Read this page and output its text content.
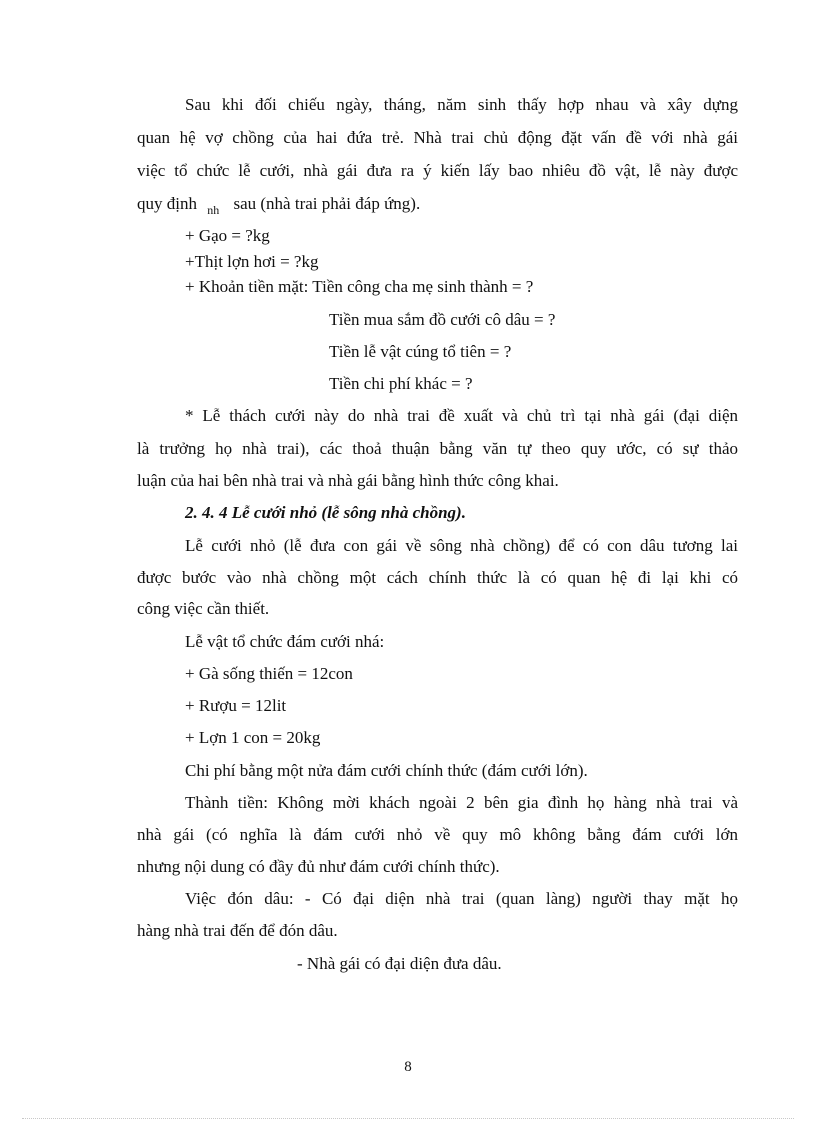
Sau khi đối chiếu ngày, tháng, năm sinh thấy hợp nhau và xây dựng
quan hệ vợ chồng của hai đứa trẻ. Nhà trai chủ động đặt vấn đề với nhà gái
việc tổ chức lễ cưới, nhà gái đưa ra ý kiến lấy bao nhiêu đồ vật, lễ này được
quy định $_{nh}$ sau (nhà trai phải đáp ứng).
+ Gạo = ?kg
+Thịt lợn hơi = ?kg
+ Khoản tiền mặt: Tiền công cha mẹ sinh thành = ?
Tiền mua sắm đồ cưới cô dâu = ?
Tiền lễ vật cúng tổ tiên = ?
Tiền chi phí khác = ?
* Lễ thách cưới này do nhà trai đề xuất và chủ trì tại nhà gái (đại diện
là trưởng họ nhà trai), các thoả thuận bằng văn tự theo quy ước, có sự thảo
luận của hai bên nhà trai và nhà gái bằng hình thức công khai.
2. 4. 4 Lễ cưới nhỏ (lễ sông nhà chồng).
Lễ cưới nhỏ (lễ đưa con gái về sông nhà chồng) để có con dâu tương lai
được bước vào nhà chồng một cách chính thức là có quan hệ đi lại khi có
công việc cần thiết.
Lễ vật tổ chức đám cưới nhá:
+ Gà sống thiến = 12con
+ Rượu = 12lit
+ Lợn 1 con = 20kg
Chi phí bằng một nửa đám cưới chính thức (đám cưới lớn).
Thành tiền: Không mời khách ngoài 2 bên gia đình họ hàng nhà trai và
nhà gái (có nghĩa là đám cưới nhỏ về quy mô không bằng đám cưới lớn
nhưng nội dung có đầy đủ như đám cưới chính thức).
Việc đón dâu: - Có đại diện nhà trai (quan làng) người thay mặt họ
hàng nhà trai đến để đón dâu.
- Nhà gái có đại diện đưa dâu.
8
